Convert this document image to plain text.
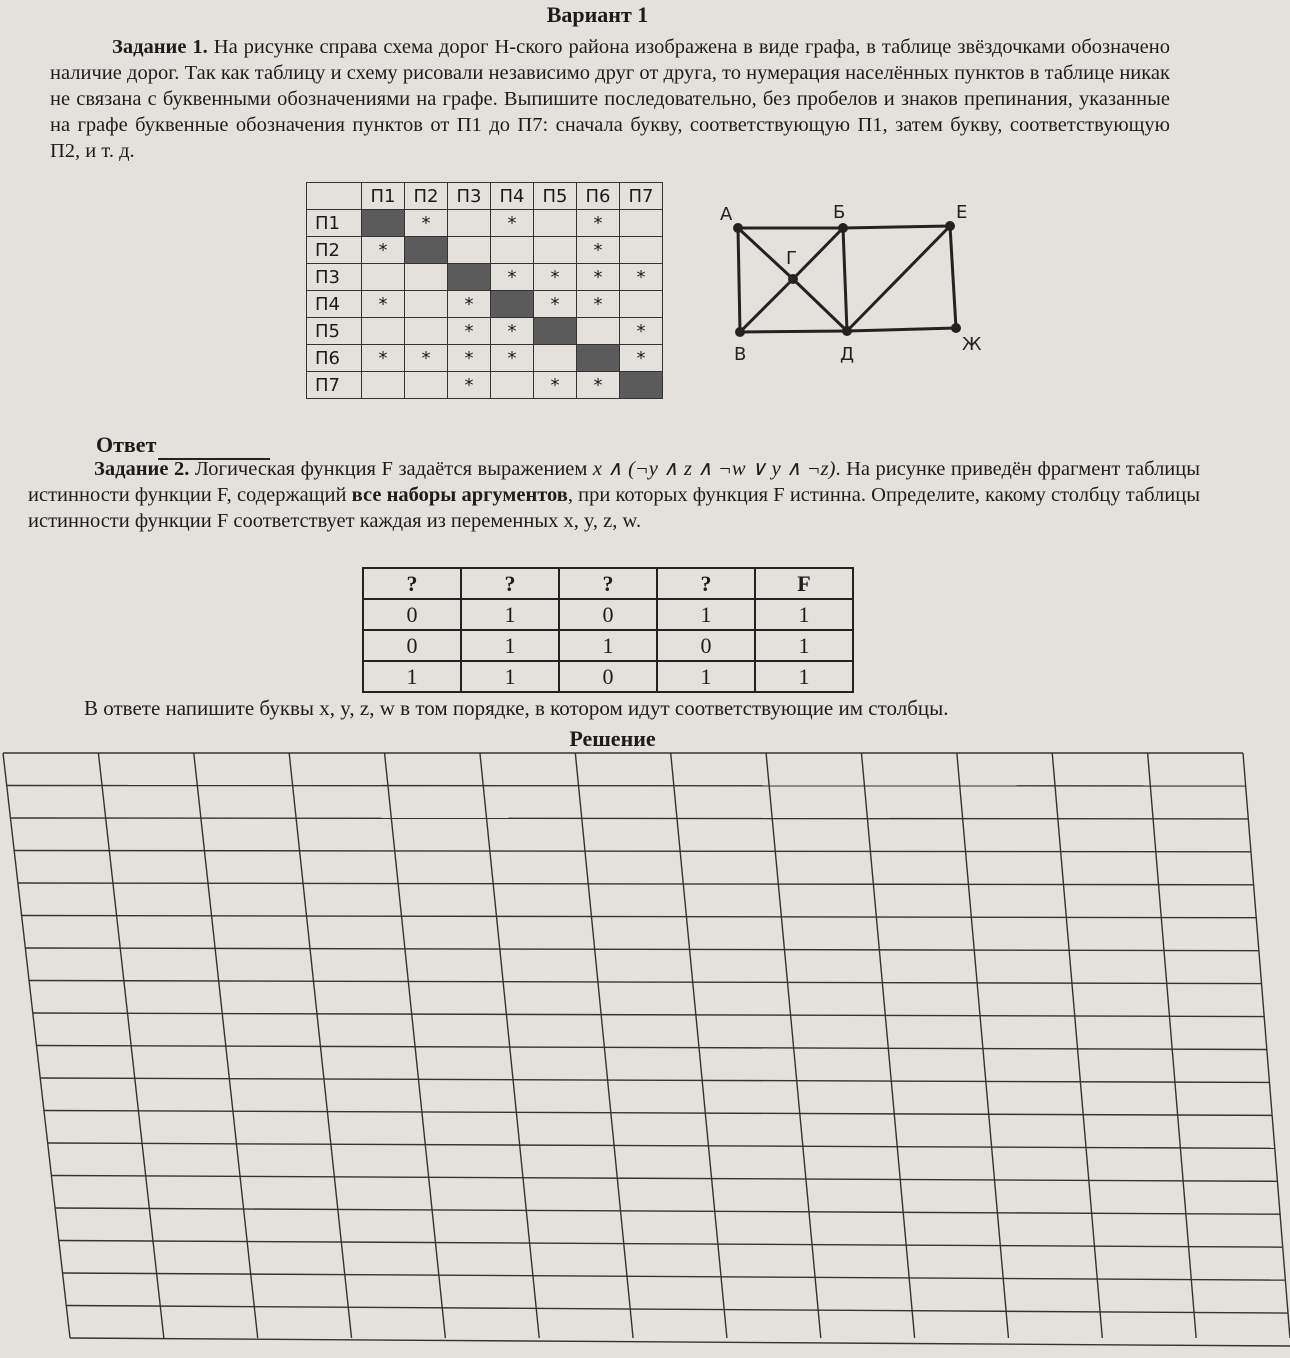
Вариант 1
Задание 1. На рисунке справа схема дорог Н-ского района изображена в виде графа, в таблице звёздочками обозначено наличие дорог. Так как таблицу и схему рисовали независимо друг от друга, то нумерация населённых пунктов в таблице никак не связана с буквенными обозначениями на графе. Выпишите последовательно, без пробелов и знаков препинания, указанные на графе буквенные обозначения пунктов от П1 до П7: сначала букву, соответствующую П1, затем букву, соответствующую П2, и т. д.
	П1	П2	П3	П4	П5	П6	П7
П1		*		*		*	
П2	*					*	
П3				*	*	*	*
П4	*		*		*	*	
П5			*	*			*
П6	*	*	*	*			*
П7			*		*	*	
А	Б	Е
Г
В	Д	Ж
Ответ
Задание 2. Логическая функция F задаётся выражением x ∧ (¬y ∧ z ∧ ¬w ∨ y ∧ ¬z). На рисунке приведён фрагмент таблицы истинности функции F, содержащий все наборы аргументов, при которых функция F истинна. Определите, какому столбцу таблицы истинности функции F соответствует каждая из переменных x, y, z, w.
?	?	?	?	F
0	1	0	1	1
0	1	1	0	1
1	1	0	1	1
В ответе напишите буквы x, y, z, w в том порядке, в котором идут соответствующие им столбцы.
Решение
